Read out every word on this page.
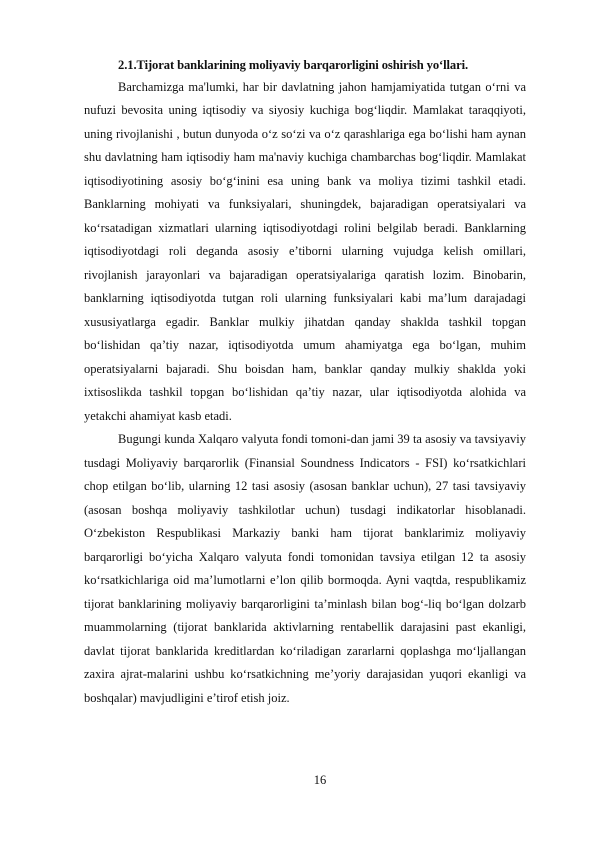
2.1.Tijorat banklarining moliyaviy barqarorligini oshirish yo‘llari.

Barchamizga ma'lumki, har bir davlatning jahon hamjamiyatida tutgan o‘rni va nufuzi bevosita uning iqtisodiy va siyosiy kuchiga bog‘liqdir. Mamlakat taraqqiyoti, uning rivojlanishi , butun dunyoda o‘z so‘zi va o‘z qarashlariga ega bo‘lishi ham aynan shu davlatning ham iqtisodiy ham ma'naviy kuchiga chambarchas bog‘liqdir. Mamlakat iqtisodiyotining asosiy bo‘g‘inini esa uning bank va moliya tizimi tashkil etadi. Banklarning mohiyati va funksiyalari, shuningdek, bajaradigan operatsiyalari va ko‘rsatadigan xizmatlari ularning iqtisodiyotdagi rolini belgilab beradi. Banklarning iqtisodiyotdagi roli deganda asosiy e’tiborni ularning vujudga kelish omillari, rivojlanish jarayonlari va bajaradigan operatsiyalariga qaratish lozim. Binobarin, banklarning iqtisodiyotda tutgan roli ularning funksiyalari kabi ma’lum darajadagi xususiyatlarga egadir. Banklar mulkiy jihatdan qanday shaklda tashkil topgan bo‘lishidan qa’tiy nazar, iqtisodiyotda umum ahamiyatga ega bo‘lgan, muhim operatsiyalarni bajaradi. Shu boisdan ham, banklar qanday mulkiy shaklda yoki ixtisoslikda tashkil topgan bo‘lishidan qa’tiy nazar, ular iqtisodiyotda alohida va yetakchi ahamiyat kasb etadi.

Bugungi kunda Xalqaro valyuta fondi tomoni-dan jami 39 ta asosiy va tavsiyaviy tusdagi Moliyaviy barqarorlik (Finansial Soundness Indicators - FSI) ko‘rsatkichlari chop etilgan bo‘lib, ularning 12 tasi asosiy (asosan banklar uchun), 27 tasi tavsiyaviy (asosan boshqa moliyaviy tashkilotlar uchun) tusdagi indikatorlar hisoblanadi. O‘zbekiston Respublikasi Markaziy banki ham tijorat banklarimiz moliyaviy barqarorligi bo‘yicha Xalqaro valyuta fondi tomonidan tavsiya etilgan 12 ta asosiy ko‘rsatkichlariga oid ma’lumotlarni e’lon qilib bormoqda. Ayni vaqtda, respublikamiz tijorat banklarining moliyaviy barqarorligini ta’minlash bilan bog‘-liq bo‘lgan dolzarb muammolarning (tijorat banklarida aktivlarning rentabellik darajasini past ekanligi, davlat tijorat banklarida kreditlardan ko‘riladigan zararlarni qoplashga mo‘ljallangan zaxira ajrat-malarini ushbu ko‘rsatkichning me’yoriy darajasidan yuqori ekanligi va boshqalar) mavjudligini e’tirof etish joiz.

16
